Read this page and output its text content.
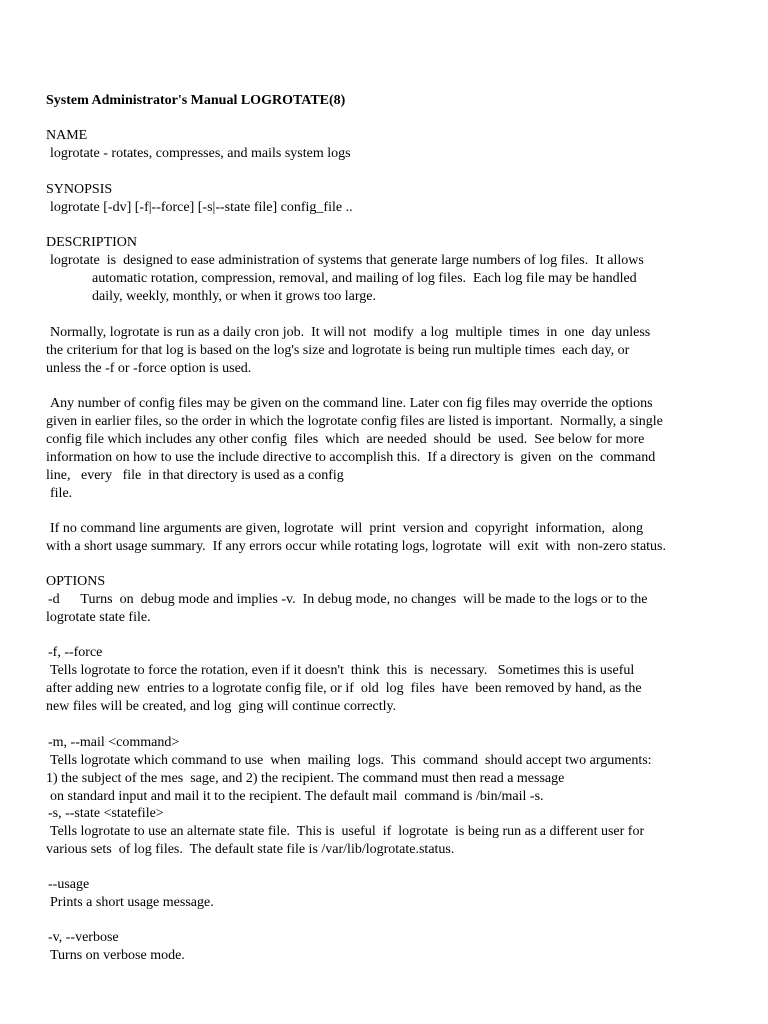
System Administrator's Manual LOGROTATE(8)

NAME

logrotate - rotates, compresses, and mails system logs

SYNOPSIS

logrotate [-dv] [-f|--force] [-s|--state file] config_file ..

DESCRIPTION

logrotate  is  designed to ease administration of systems that generate large numbers of log files.  It allows

automatic rotation, compression, removal, and mailing of log files.  Each log file may be handled

daily, weekly, monthly, or when it grows too large.

Normally, logrotate is run as a daily cron job.  It will not  modify  a log  multiple  times  in  one  day unless

the criterium for that log is based on the log's size and logrotate is being run multiple times  each day, or

unless the -f or -force option is used.

Any number of config files may be given on the command line. Later con fig files may override the options

given in earlier files, so the order in which the logrotate config files are listed is important.  Normally, a single

config file which includes any other config  files  which  are needed  should  be  used.  See below for more

information on how to use the include directive to accomplish this.  If a directory is  given  on the  command

line,   every   file  in that directory is used as a config

file.

If no command line arguments are given, logrotate  will  print  version and  copyright  information,  along

with a short usage summary.  If any errors occur while rotating logs, logrotate  will  exit  with  non-zero status.

OPTIONS

-d      Turns  on  debug mode and implies -v.  In debug mode, no changes  will be made to the logs or to the

logrotate state file.

-f, --force

Tells logrotate to force the rotation, even if it doesn't  think  this  is  necessary.   Sometimes this is useful

after adding new  entries to a logrotate config file, or if  old  log  files  have  been removed by hand, as the

new files will be created, and log  ging will continue correctly.

-m, --mail <command>

Tells logrotate which command to use  when  mailing  logs.  This  command  should accept two arguments:

1) the subject of the mes  sage, and 2) the recipient. The command must then read a message

on standard input and mail it to the recipient. The default mail  command is /bin/mail -s.

-s, --state <statefile>

Tells logrotate to use an alternate state file.  This is  useful  if  logrotate  is being run as a different user for

various sets  of log files.  The default state file is /var/lib/logrotate.status.

--usage

Prints a short usage message.

-v, --verbose

Turns on verbose mode.
